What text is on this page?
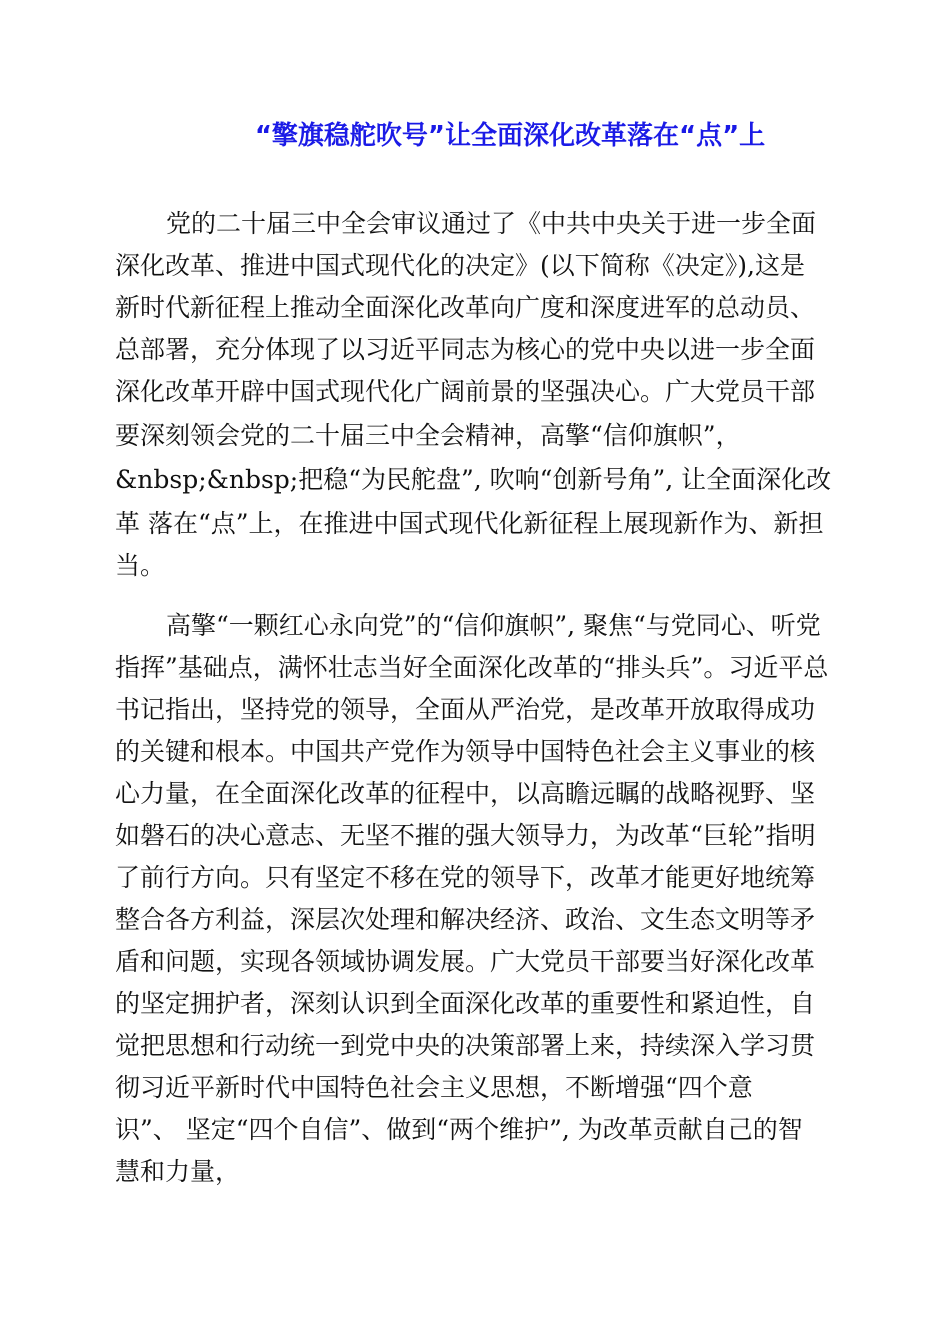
“擎旗稳舵吹号”让全面深化改革落在“点”上

党的二十届三中全会审议通过了《中共中央关于进一步全面

深化改革、推进中国式现代化的决定》(以下简称《决定》),这是

新时代新征程上推动全面深化改革向广度和深度进军的总动员、

总部署，充分体现了以习近平同志为核心的党中央以进一步全面

深化改革开辟中国式现代化广阔前景的坚强决心。广大党员干部

要深刻领会党的二十届三中全会精神，高擎“信仰旗帜”，

&nbsp;&nbsp;把稳“为民舵盘”, 吹响“创新号角”, 让全面深化改

革 落在“点”上，在推进中国式现代化新征程上展现新作为、新担

当。

高擎“一颗红心永向党”的“信仰旗帜”, 聚焦“与党同心、听党

指挥”基础点，满怀壮志当好全面深化改革的“排头兵”。习近平总

书记指出，坚持党的领导，全面从严治党，是改革开放取得成功

的关键和根本。中国共产党作为领导中国特色社会主义事业的核

心力量，在全面深化改革的征程中，以高瞻远瞩的战略视野、坚

如磐石的决心意志、无坚不摧的强大领导力，为改革“巨轮”指明

了前行方向。只有坚定不移在党的领导下，改革才能更好地统筹

整合各方利益，深层次处理和解决经济、政治、文生态文明等矛

盾和问题，实现各领域协调发展。广大党员干部要当好深化改革

的坚定拥护者，深刻认识到全面深化改革的重要性和紧迫性，自

觉把思想和行动统一到党中央的决策部署上来，持续深入学习贯

彻习近平新时代中国特色社会主义思想，不断增强“四个意

识”、 坚定“四个自信”、做到“两个维护”, 为改革贡献自己的智

慧和力量，
